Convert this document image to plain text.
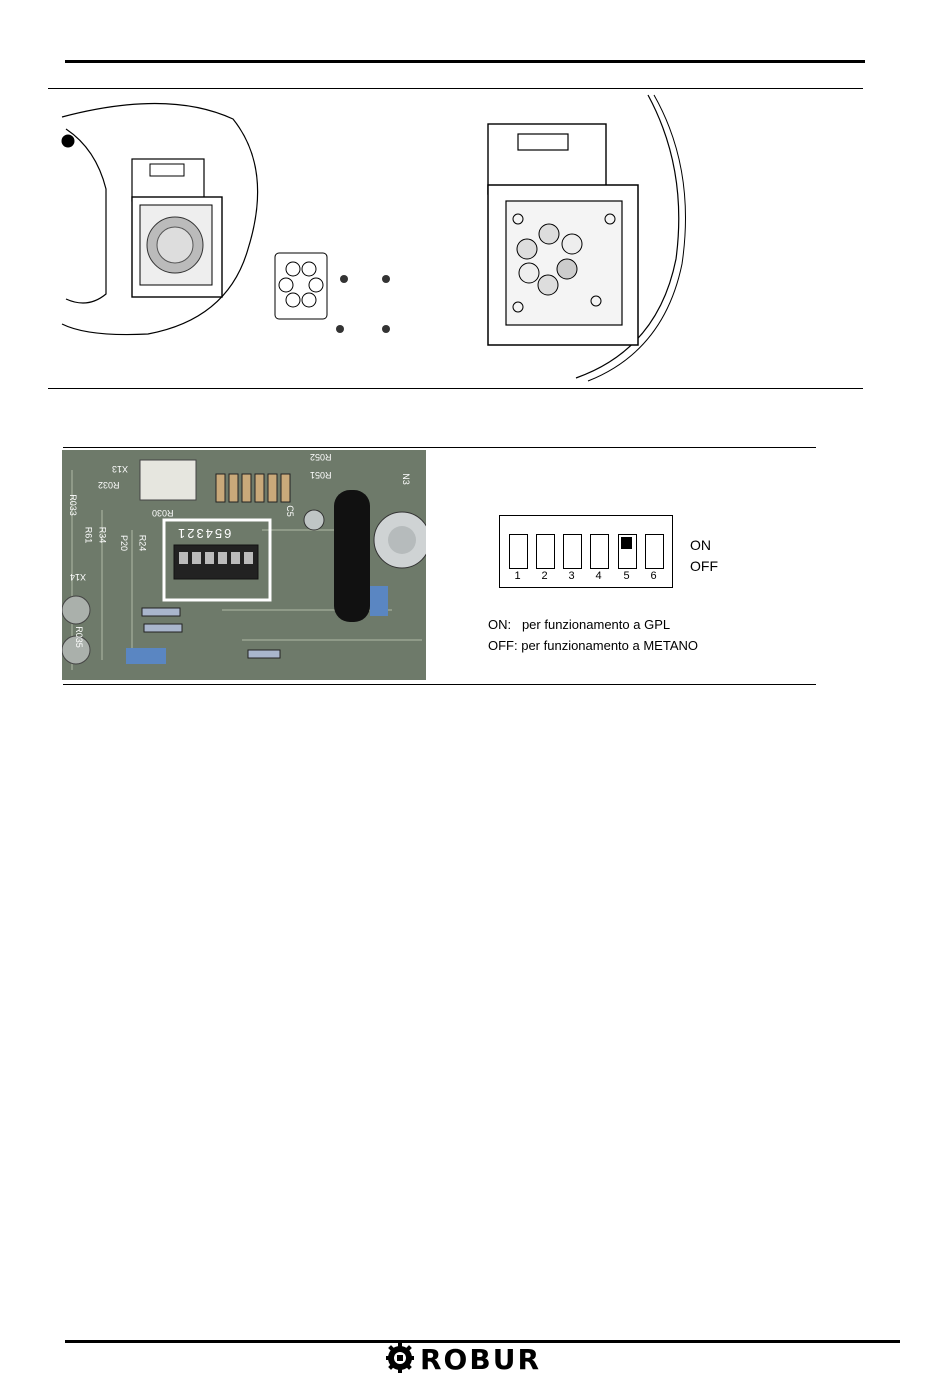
654321
R032
X13
R030
R033
R61 R34 P20 R24
X14
R035
R051
R052
N3
C5
1	2	3	4	5	6
ON
OFF
ON:   per funzionamento a GPL
OFF: per funzionamento a METANO
ROBUR
